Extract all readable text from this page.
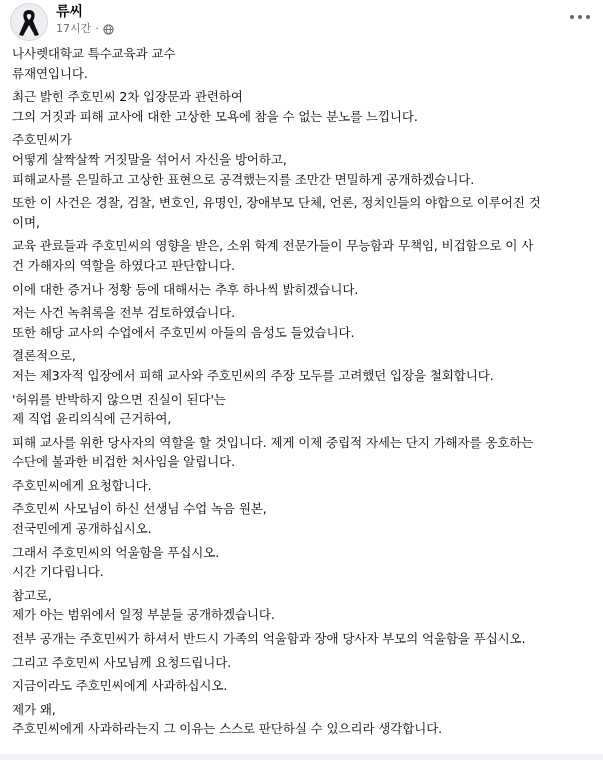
류씨
17시간 ·
나사렛대학교 특수교육과 교수
류재연입니다.
최근 밝힌 주호민씨 2차 입장문과 관련하여
그의 거짓과 피해 교사에 대한 고상한 모욕에 참을 수 없는 분노를 느낍니다.
주호민씨가
어떻게 살짝살짝 거짓말을 섞어서 자신을 방어하고,
피해교사를 은밀하고 고상한 표현으로 공격했는지를 조만간 면밀하게 공개하겠습니다.
또한 이 사건은 경찰, 검찰, 변호인, 유명인, 장애부모 단체, 언론, 정치인들의 야합으로 이루어진 것
이며,
교육 관료들과 주호민씨의 영향을 받은, 소위 학계 전문가들이 무능함과 무책임, 비겁함으로 이 사
건 가해자의 역할을 하였다고 판단합니다.
이에 대한 증거나 정황 등에 대해서는 추후 하나씩 밝히겠습니다.
저는 사건 녹취록을 전부 검토하였습니다.
또한 해당 교사의 수업에서 주호민씨 아들의 음성도 들었습니다.
결론적으로,
저는 제3자적 입장에서 피해 교사와 주호민씨의 주장 모두를 고려했던 입장을 철회합니다.
'허위를 반박하지 않으면 진실이 된다'는
제 직업 윤리의식에 근거하여,
피해 교사를 위한 당사자의 역할을 할 것입니다. 제게 이제 중립적 자세는 단지 가해자를 옹호하는
수단에 불과한 비겁한 처사임을 알립니다.
주호민씨에게 요청합니다.
주호민씨 사모님이 하신 선생님 수업 녹음 원본,
전국민에게 공개하십시오.
그래서 주호민씨의 억울함을 푸십시오.
시간 기다립니다.
참고로,
제가 아는 범위에서 일정 부분들 공개하겠습니다.
전부 공개는 주호민씨가 하셔서 반드시 가족의 억울함과 장애 당사자 부모의 억울함을 푸십시오.
그리고 주호민씨 사모님께 요청드립니다.
지금이라도 주호민씨에게 사과하십시오.
제가 왜,
주호민씨에게 사과하라는지 그 이유는 스스로 판단하실 수 있으리라 생각합니다.
